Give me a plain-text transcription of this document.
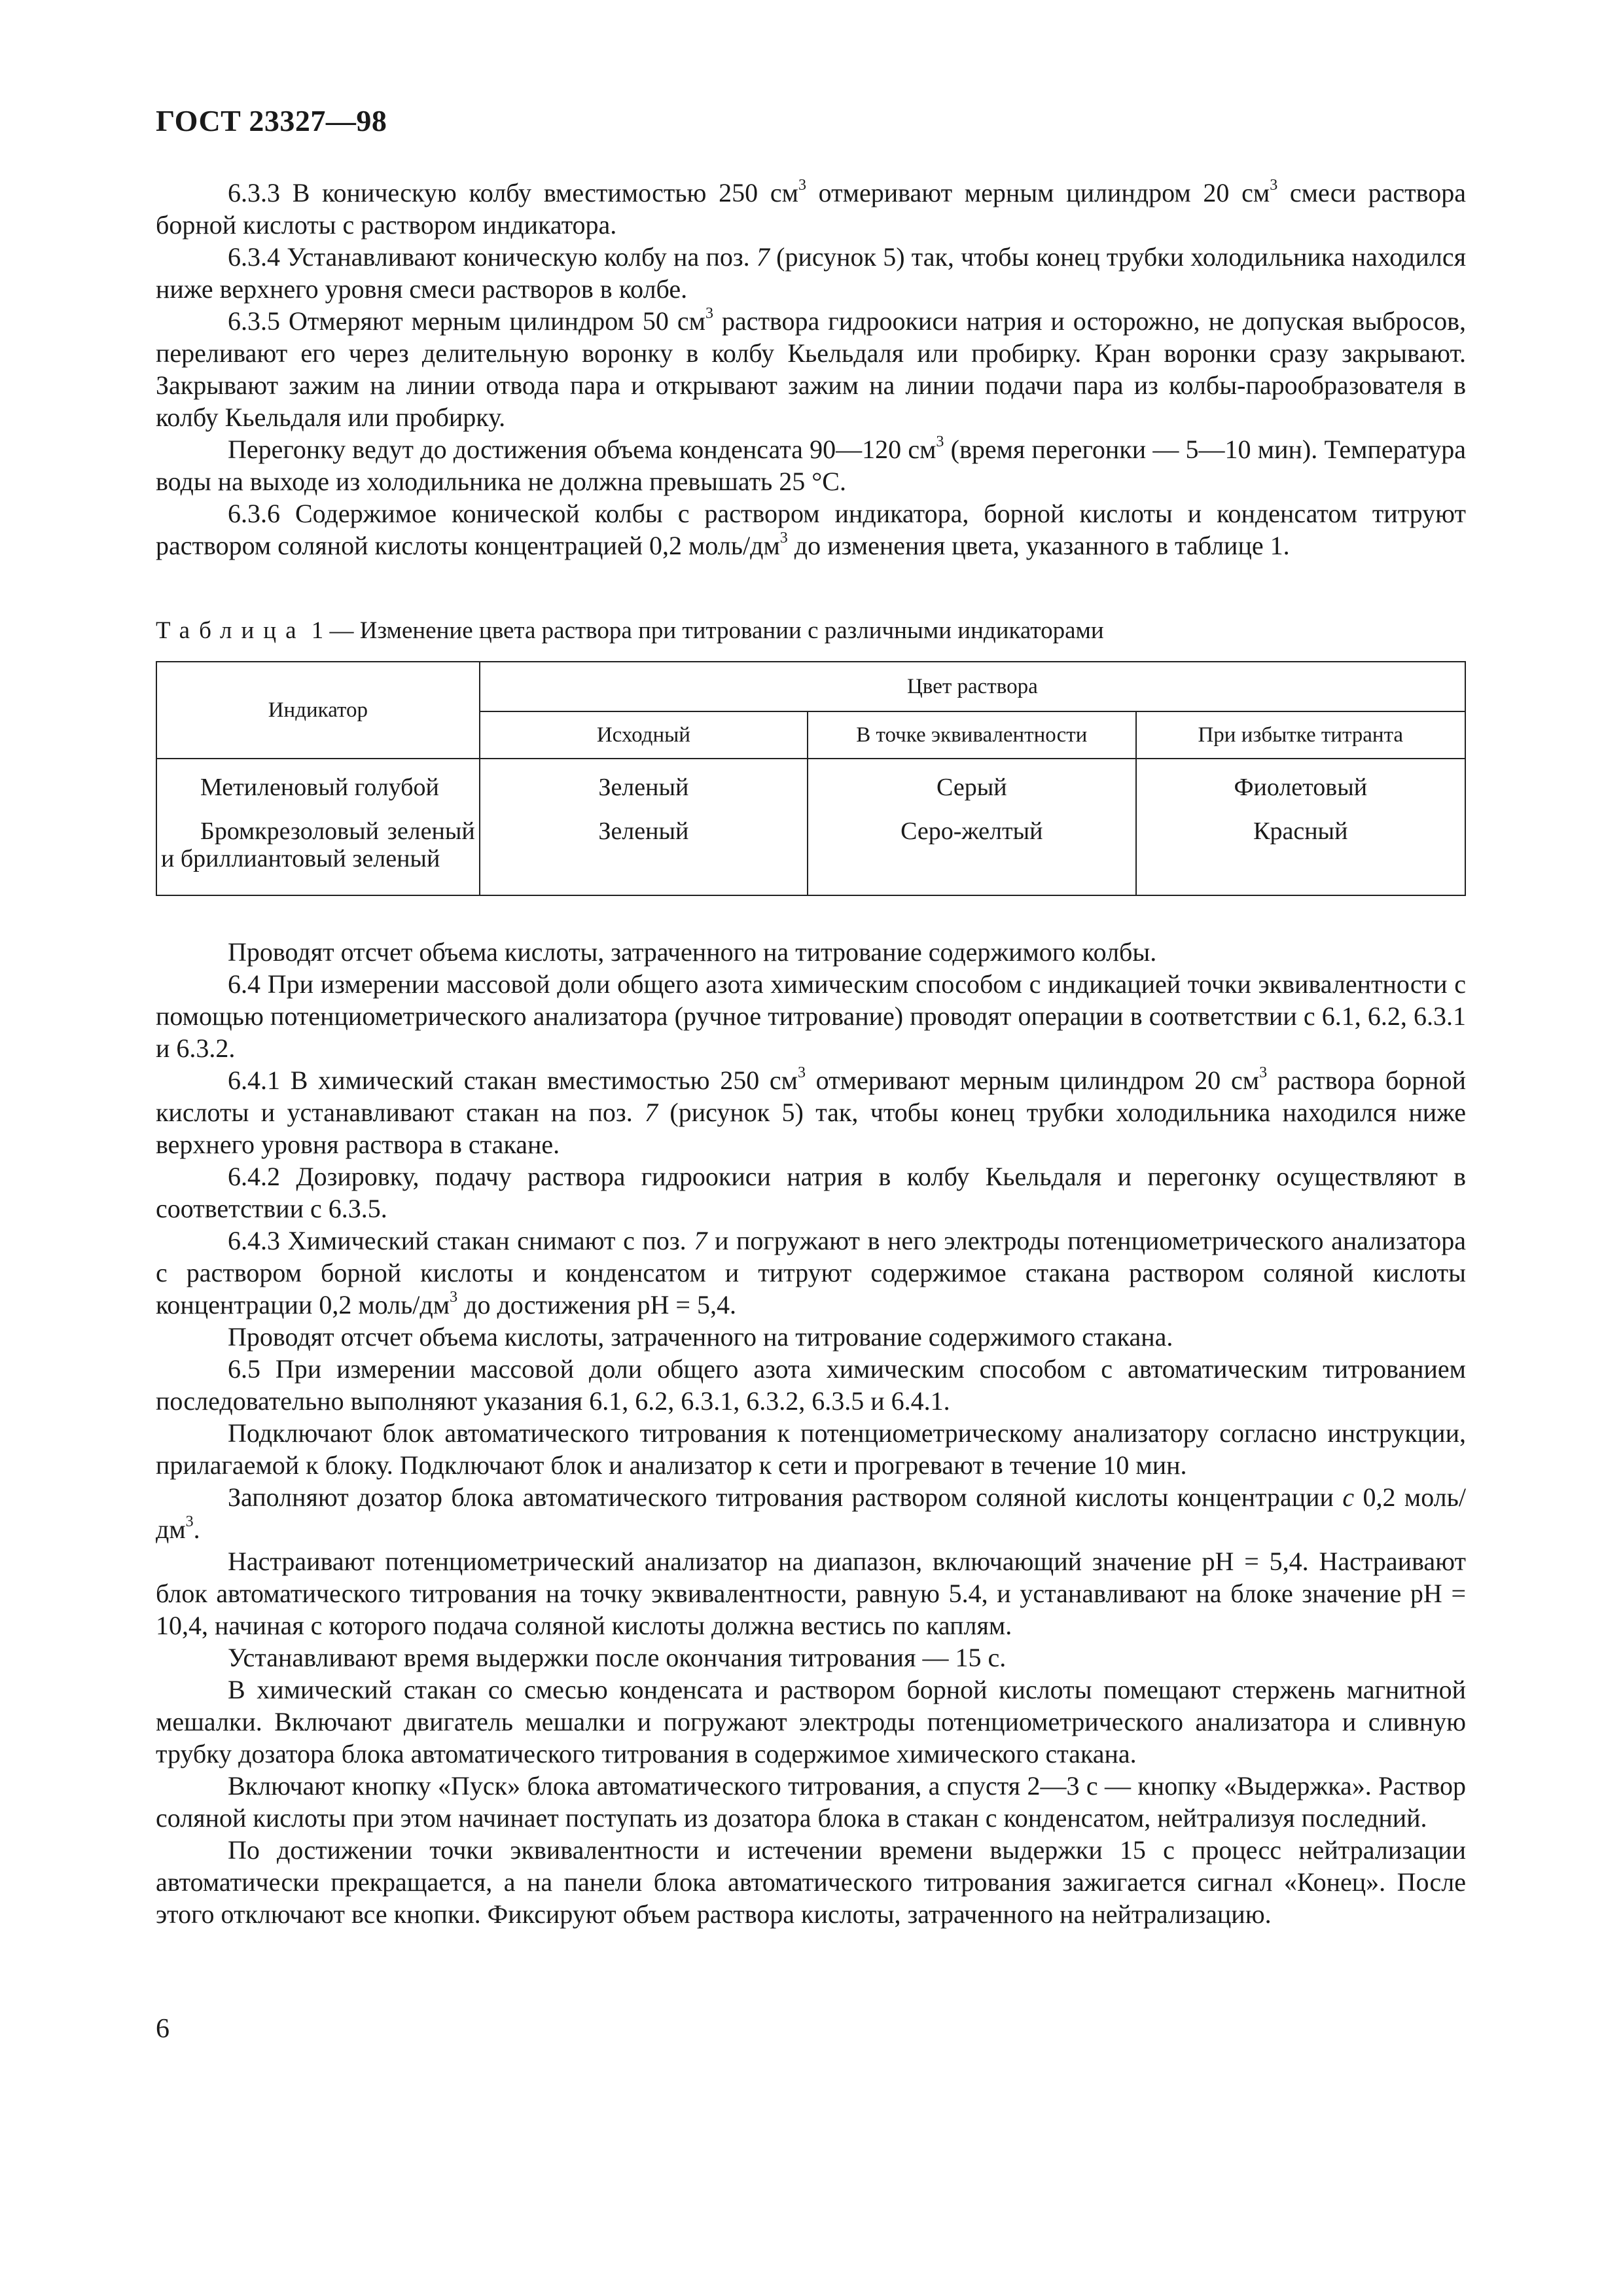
ГОСТ 23327—98

6.3.3 В коническую колбу вместимостью 250 $см^3$ отмеривают мерным цилиндром 20 $см^3$ смеси раствора борной кислоты с раствором индикатора.

6.3.4 Устанавливают коническую колбу на поз. 7 (рисунок 5) так, чтобы конец трубки холодильника находился ниже верхнего уровня смеси растворов в колбе.

6.3.5 Отмеряют мерным цилиндром 50 $см^3$ раствора гидроокиси натрия и осторожно, не допуская выбросов, переливают его через делительную воронку в колбу Кьельдаля или пробирку. Кран воронки сразу закрывают. Закрывают зажим на линии отвода пара и открывают зажим на линии подачи пара из колбы-парообразователя в колбу Кьельдаля или пробирку.

Перегонку ведут до достижения объема конденсата 90—120 $см^3$ (время перегонки — 5—10 мин). Температура воды на выходе из холодильника не должна превышать 25 °С.

6.3.6 Содержимое конической колбы с раствором индикатора, борной кислоты и конденсатом титруют раствором соляной кислоты концентрацией 0,2 моль/$дм^3$ до изменения цвета, указанного в таблице 1.

Таблица 1 — Изменение цвета раствора при титровании с различными индикаторами
Индикатор	Цвет раствора		
	Исходный	В точке эквивалентности	При избытке титранта

Метиленовый голубой	Зеленый	Серый	Фиолетовый

Бромкрезоловый зеленый и бриллиантовый зеленый	Зеленый	Серо-желтый	Красный

Проводят отсчет объема кислоты, затраченного на титрование содержимого колбы.

6.4 При измерении массовой доли общего азота химическим способом с индикацией точки эквивалентности с помощью потенциометрического анализатора (ручное титрование) проводят операции в соответствии с 6.1, 6.2, 6.3.1 и 6.3.2.

6.4.1 В химический стакан вместимостью 250 $см^3$ отмеривают мерным цилиндром 20 $см^3$ раствора борной кислоты и устанавливают стакан на поз. 7 (рисунок 5) так, чтобы конец трубки холодильника находился ниже верхнего уровня раствора в стакане.

6.4.2 Дозировку, подачу раствора гидроокиси натрия в колбу Кьельдаля и перегонку осуществляют в соответствии с 6.3.5.

6.4.3 Химический стакан снимают с поз. 7 и погружают в него электроды потенциометрического анализатора с раствором борной кислоты и конденсатом и титруют содержимое стакана раствором соляной кислоты концентрации 0,2 моль/$дм^3$ до достижения рН = 5,4.

Проводят отсчет объема кислоты, затраченного на титрование содержимого стакана.

6.5 При измерении массовой доли общего азота химическим способом с автоматическим титрованием последовательно выполняют указания 6.1, 6.2, 6.3.1, 6.3.2, 6.3.5 и 6.4.1.

Подключают блок автоматического титрования к потенциометрическому анализатору согласно инструкции, прилагаемой к блоку. Подключают блок и анализатор к сети и прогревают в течение 10 мин.

Заполняют дозатор блока автоматического титрования раствором соляной кислоты концентрации c 0,2 моль/$дм^3$.

Настраивают потенциометрический анализатор на диапазон, включающий значение рН = 5,4. Настраивают блок автоматического титрования на точку эквивалентности, равную 5.4, и устанавливают на блоке значение рН = 10,4, начиная с которого подача соляной кислоты должна вестись по каплям.

Устанавливают время выдержки после окончания титрования — 15 с.

В химический стакан со смесью конденсата и раствором борной кислоты помещают стержень магнитной мешалки. Включают двигатель мешалки и погружают электроды потенциометрического анализатора и сливную трубку дозатора блока автоматического титрования в содержимое химического стакана.

Включают кнопку «Пуск» блока автоматического титрования, а спустя 2—3 с — кнопку «Выдержка». Раствор соляной кислоты при этом начинает поступать из дозатора блока в стакан с конденсатом, нейтрализуя последний.

По достижении точки эквивалентности и истечении времени выдержки 15 с процесс нейтрализации автоматически прекращается, а на панели блока автоматического титрования зажигается сигнал «Конец». После этого отключают все кнопки. Фиксируют объем раствора кислоты, затраченного на нейтрализацию.

6
